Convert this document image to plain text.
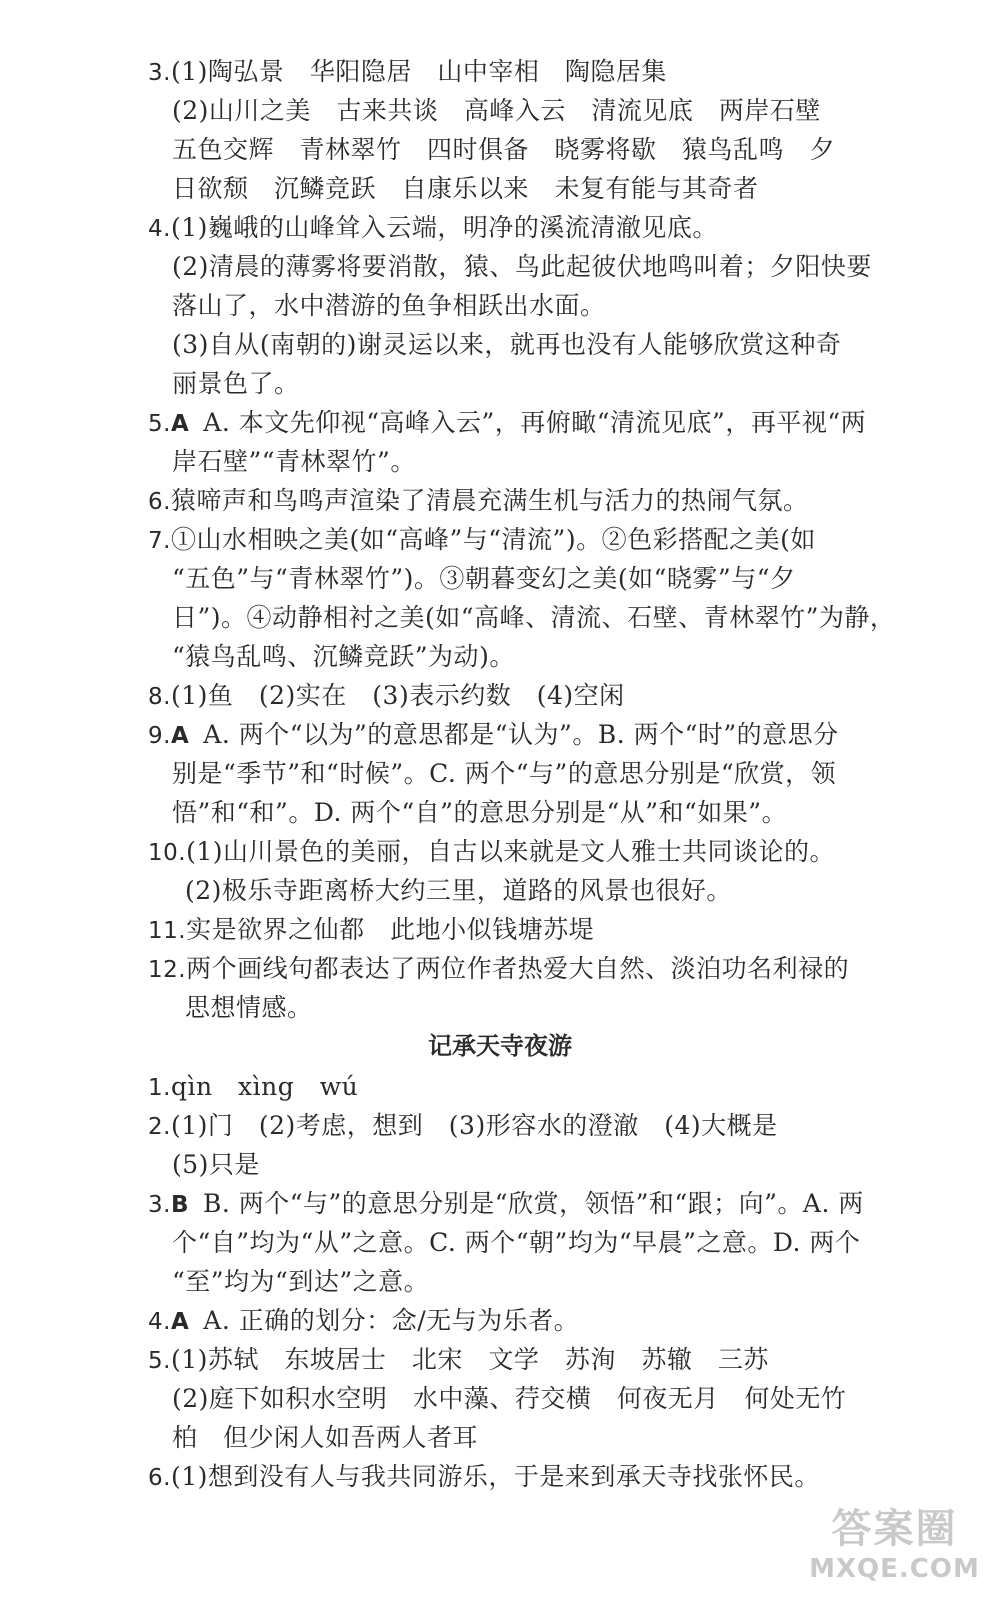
3.(1)陶弘景　华阳隐居　山中宰相　陶隐居集
(2)山川之美　古来共谈　高峰入云　清流见底　两岸石壁
五色交辉　青林翠竹　四时俱备　晓雾将歇　猿鸟乱鸣　夕
日欲颓　沉鳞竞跃　自康乐以来　未复有能与其奇者
4.(1)巍峨的山峰耸入云端，明净的溪流清澈见底。
(2)清晨的薄雾将要消散，猿、鸟此起彼伏地鸣叫着；夕阳快要
落山了，水中潜游的鱼争相跃出水面。
(3)自从(南朝的)谢灵运以来，就再也没有人能够欣赏这种奇
丽景色了。
5.A A. 本文先仰视“高峰入云”，再俯瞰“清流见底”，再平视“两
岸石壁”“青林翠竹”。
6.猿啼声和鸟鸣声渲染了清晨充满生机与活力的热闹气氛。
7.①山水相映之美(如“高峰”与“清流”)。②色彩搭配之美(如
“五色”与“青林翠竹”)。③朝暮变幻之美(如“晓雾”与“夕
日”)。④动静相衬之美(如“高峰、清流、石壁、青林翠竹”为静，
“猿鸟乱鸣、沉鳞竞跃”为动)。
8.(1)鱼　(2)实在　(3)表示约数　(4)空闲
9.A A. 两个“以为”的意思都是“认为”。B. 两个“时”的意思分
别是“季节”和“时候”。C. 两个“与”的意思分别是“欣赏，领
悟”和“和”。D. 两个“自”的意思分别是“从”和“如果”。
10.(1)山川景色的美丽，自古以来就是文人雅士共同谈论的。
(2)极乐寺距离桥大约三里，道路的风景也很好。
11.实是欲界之仙都　此地小似钱塘苏堤
12.两个画线句都表达了两位作者热爱大自然、淡泊功名利禄的
思想情感。
记承天寺夜游
1.qìn　xìng　wú
2.(1)门　(2)考虑，想到　(3)形容水的澄澈　(4)大概是
(5)只是
3.B B. 两个“与”的意思分别是“欣赏，领悟”和“跟；向”。A. 两
个“自”均为“从”之意。C. 两个“朝”均为“早晨”之意。D. 两个
“至”均为“到达”之意。
4.A A. 正确的划分：念/无与为乐者。
5.(1)苏轼　东坡居士　北宋　文学　苏洵　苏辙　三苏
(2)庭下如积水空明　水中藻、荇交横　何夜无月　何处无竹
柏　但少闲人如吾两人者耳
6.(1)想到没有人与我共同游乐，于是来到承天寺找张怀民。
答案圈
MXQE.COM
